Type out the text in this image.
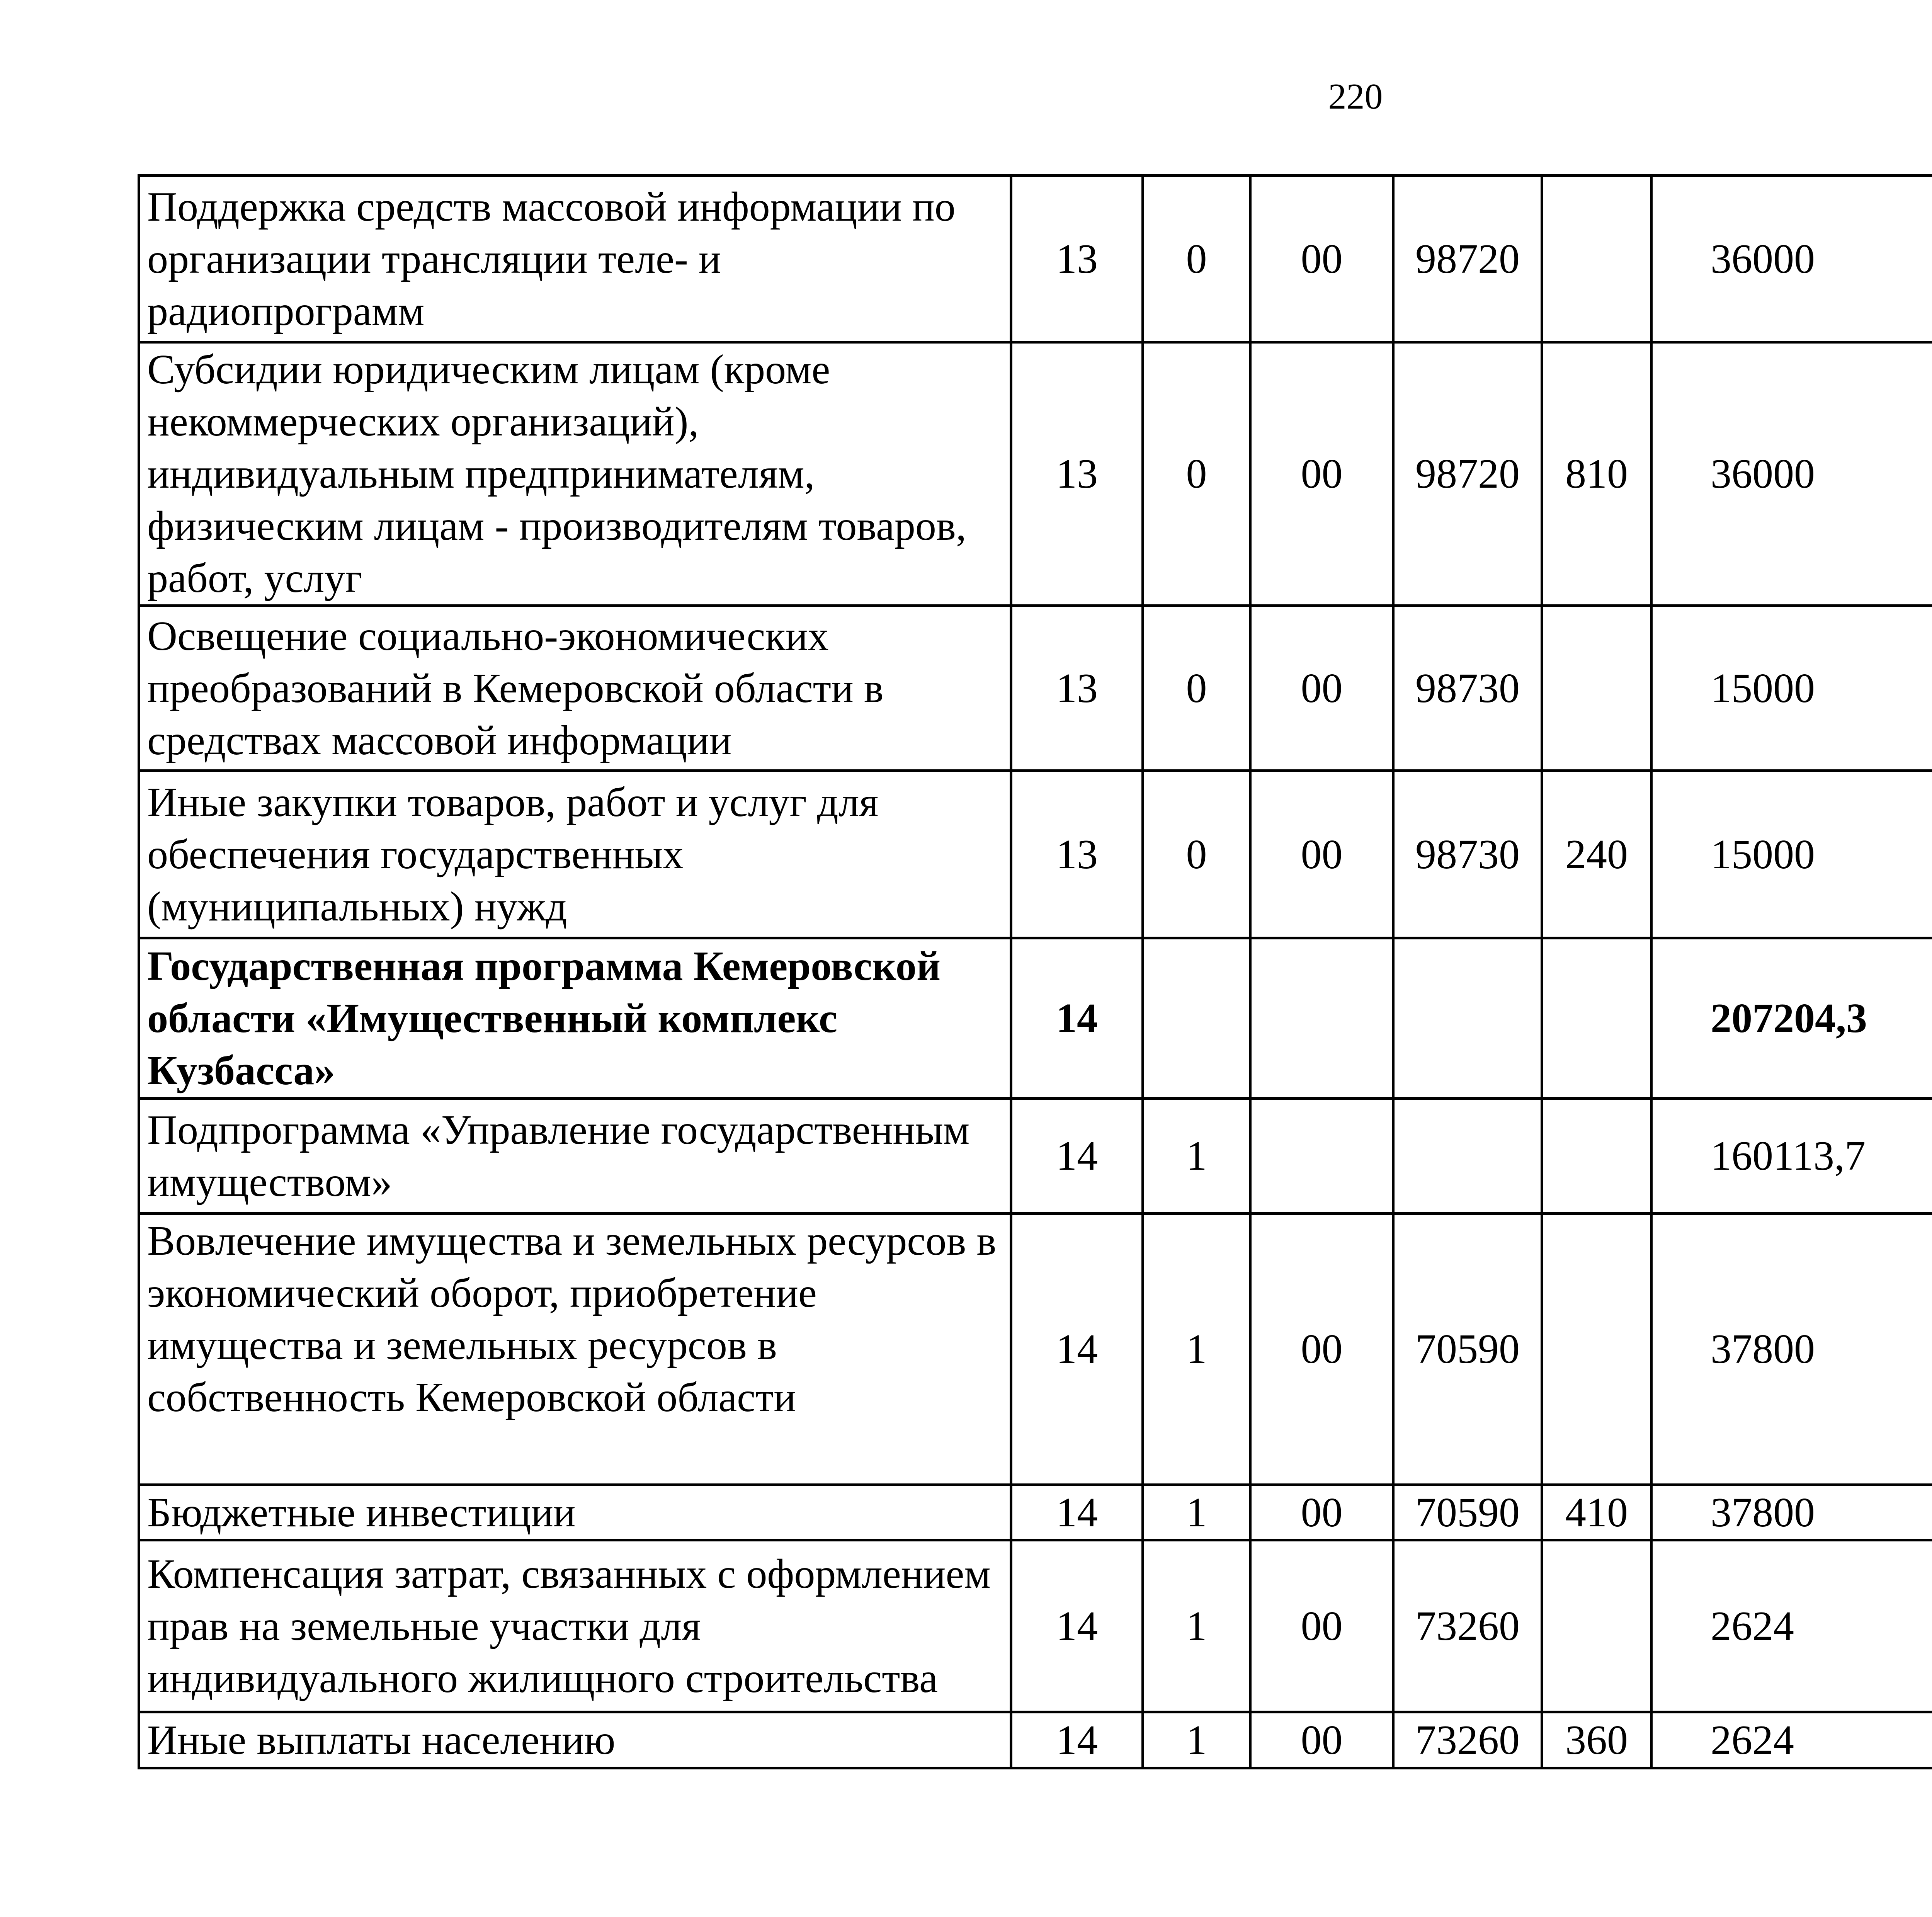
220
Поддержка средств массовой информации по организации трансляции теле- и радиопрограмм	13	0	00	98720		36000		
Субсидии юридическим лицам (кроме некоммерческих организаций), индивидуальным предпринимателям, физическим лицам - производителям товаров, работ, услуг	13	0	00	98720	810	36000		
Освещение социально-экономических преобразований в Кемеровской области в средствах массовой информации	13	0	00	98730		15000		
Иные закупки товаров, работ и услуг для обеспечения государственных (муниципальных) нужд	13	0	00	98730	240	15000		
Государственная программа Кемеровской области «Имущественный комплекс Кузбасса»	14					207204,3		
Подпрограмма «Управление государственным имуществом»	14	1				160113,7		
Вовлечение имущества и земельных ресурсов в экономический оборот, приобретение имущества и земельных ресурсов в собственность Кемеровской области	14	1	00	70590		37800		
Бюджетные инвестиции	14	1	00	70590	410	37800		
Компенсация затрат, связанных с оформлением прав на земельные участки для индивидуального жилищного строительства	14	1	00	73260		2624		
Иные выплаты населению	14	1	00	73260	360	2624		
